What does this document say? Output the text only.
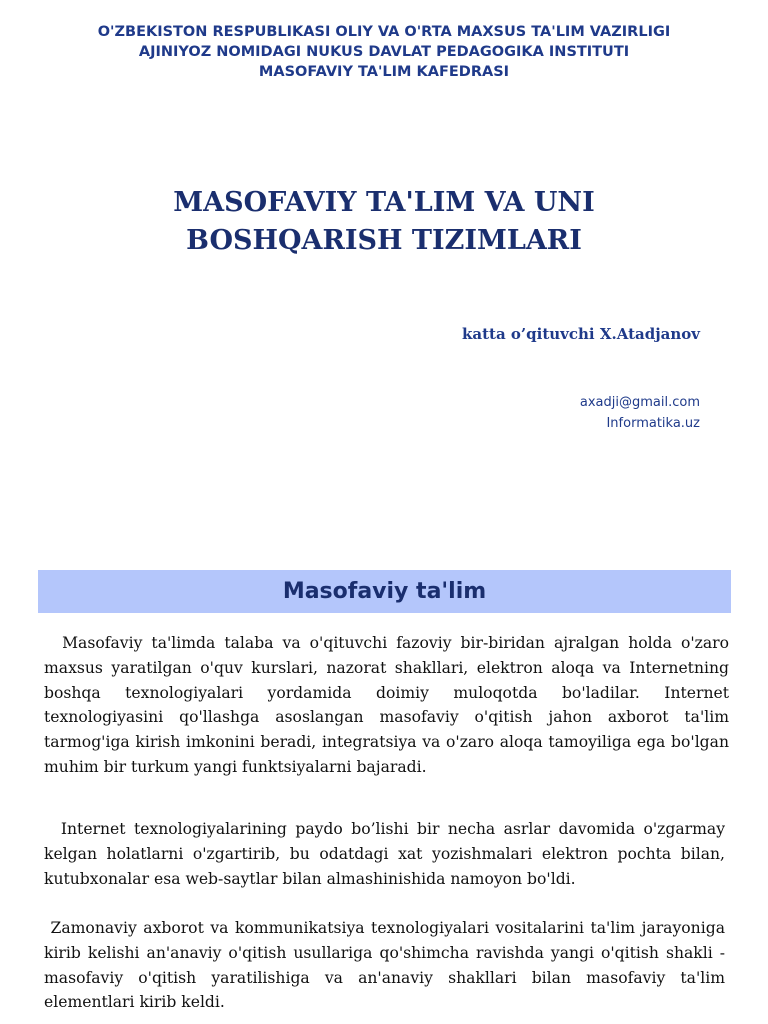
O'ZBEKISTON RESPUBLIKASI OLIY VA O'RTA MAXSUS TA'LIM VAZIRLIGI
AJINIYOZ NOMIDAGI NUKUS DAVLAT PEDAGOGIKA INSTITUTI
MASOFAVIY TA'LIM KAFEDRASI
MASOFAVIY TA'LIM VA UNI
BOSHQARISH TIZIMLARI
katta o’qituvchi X.Atadjanov
axadji@gmail.com
Informatika.uz
Masofaviy ta'lim
Masofaviy ta'limda talaba va o'qituvchi fazoviy bir-biridan ajralgan holda o'zaro maxsus yaratilgan o'quv kurslari, nazorat shakllari, elektron aloqa va Internetning boshqa texnologiyalari yordamida doimiy muloqotda bo'ladilar. Internet texnologiyasini qo'llashga asoslangan masofaviy o'qitish jahon axborot ta'lim tarmog'iga kirish imkonini beradi, integratsiya va o'zaro aloqa tamoyiliga ega bo'lgan muhim bir turkum yangi funktsiyalarni bajaradi.
Internet texnologiyalarining paydo bo’lishi bir necha asrlar davomida o'zgarmay kelgan holatlarni o'zgartirib, bu odatdagi xat yozishmalari elektron pochta bilan, kutubxonalar esa web-saytlar bilan almashinishida namoyon bo'ldi.
Zamonaviy axborot va kommunikatsiya texnologiyalari vositalarini ta'lim jarayoniga kirib kelishi an'anaviy o'qitish usullariga qo'shimcha ravishda yangi o'qitish shakli - masofaviy o'qitish yaratilishiga va an'anaviy shakllari bilan masofaviy ta'lim elementlari kirib keldi.
